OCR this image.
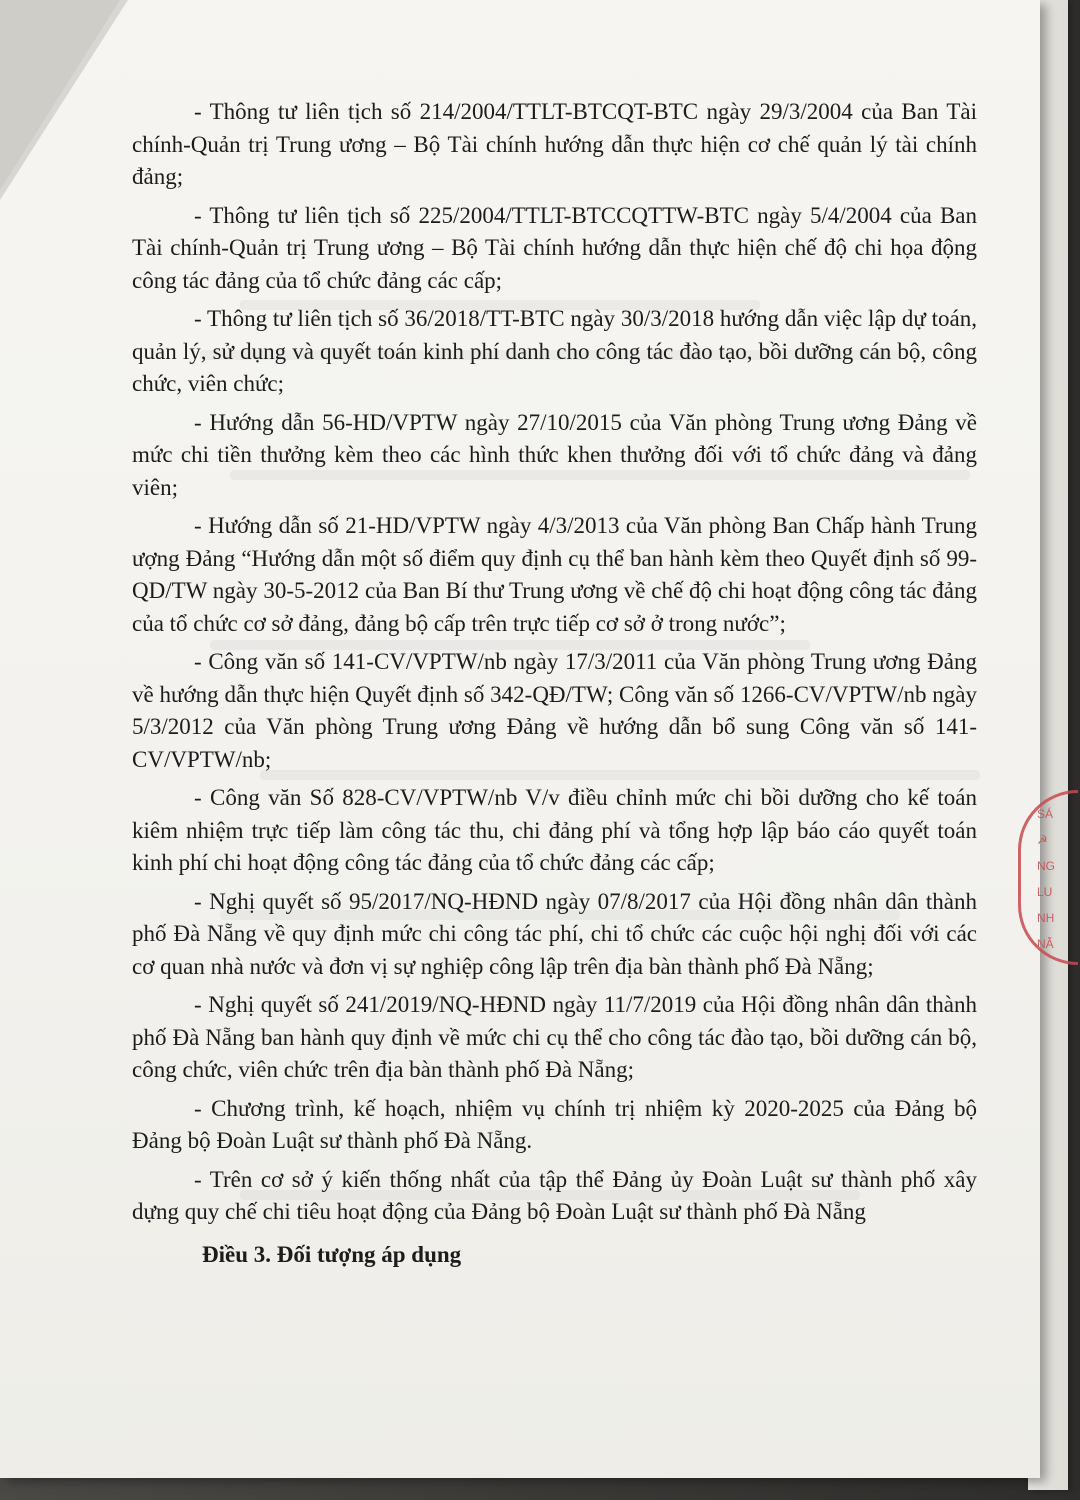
- Thông tư liên tịch số 214/2004/TTLT-BTCQT-BTC ngày 29/3/2004 của Ban Tài chính-Quản trị Trung ương – Bộ Tài chính hướng dẫn thực hiện cơ chế quản lý tài chính đảng;

- Thông tư liên tịch số 225/2004/TTLT-BTCCQTTW-BTC ngày 5/4/2004 của Ban Tài chính-Quản trị Trung ương – Bộ Tài chính hướng dẫn thực hiện chế độ chi họa động công tác đảng của tổ chức đảng các cấp;

- Thông tư liên tịch số 36/2018/TT-BTC ngày 30/3/2018 hướng dẫn việc lập dự toán, quản lý, sử dụng và quyết toán kinh phí danh cho công tác đào tạo, bồi dưỡng cán bộ, công chức, viên chức;

- Hướng dẫn 56-HD/VPTW ngày 27/10/2015 của Văn phòng Trung ương Đảng về mức chi tiền thưởng kèm theo các hình thức khen thưởng đối với tổ chức đảng và đảng viên;

- Hướng dẫn số 21-HD/VPTW ngày 4/3/2013 của Văn phòng Ban Chấp hành Trung ượng Đảng “Hướng dẫn một số điểm quy định cụ thể ban hành kèm theo Quyết định số 99-QD/TW ngày 30-5-2012 của Ban Bí thư Trung ương về chế độ chi hoạt động công tác đảng của tổ chức cơ sở đảng, đảng bộ cấp trên trực tiếp cơ sở ở trong nước”;

- Công văn số 141-CV/VPTW/nb ngày 17/3/2011 của Văn phòng Trung ương Đảng về hướng dẫn thực hiện Quyết định số 342-QĐ/TW; Công văn số 1266-CV/VPTW/nb ngày 5/3/2012 của Văn phòng Trung ương Đảng về hướng dẫn bổ sung Công văn số 141-CV/VPTW/nb;

- Công văn Số 828-CV/VPTW/nb V/v điều chỉnh mức chi bồi dưỡng cho kế toán kiêm nhiệm trực tiếp làm công tác thu, chi đảng phí và tổng hợp lập báo cáo quyết toán kinh phí chi hoạt động công tác đảng của tổ chức đảng các cấp;

- Nghị quyết số 95/2017/NQ-HĐND ngày 07/8/2017 của Hội đồng nhân dân thành phố Đà Nẵng về quy định mức chi công tác phí, chi tổ chức các cuộc hội nghị đối với các cơ quan nhà nước và đơn vị sự nghiệp công lập trên địa bàn thành phố Đà Nẵng;

- Nghị quyết số 241/2019/NQ-HĐND ngày 11/7/2019 của Hội đồng nhân dân thành phố Đà Nẵng ban hành quy định về mức chi cụ thể cho công tác đào tạo, bồi dưỡng cán bộ, công chức, viên chức trên địa bàn thành phố Đà Nẵng;

- Chương trình, kế hoạch, nhiệm vụ chính trị nhiệm kỳ 2020-2025 của Đảng bộ Đảng bộ Đoàn Luật sư thành phố Đà Nẵng.

- Trên cơ sở ý kiến thống nhất của tập thể Đảng ủy Đoàn Luật sư thành phố xây dựng quy chế chi tiêu hoạt động của Đảng bộ Đoàn Luật sư thành phố Đà Nẵng

Điều 3. Đối tượng áp dụng

SÁ
☭
NG
LU
NH
NẴ
